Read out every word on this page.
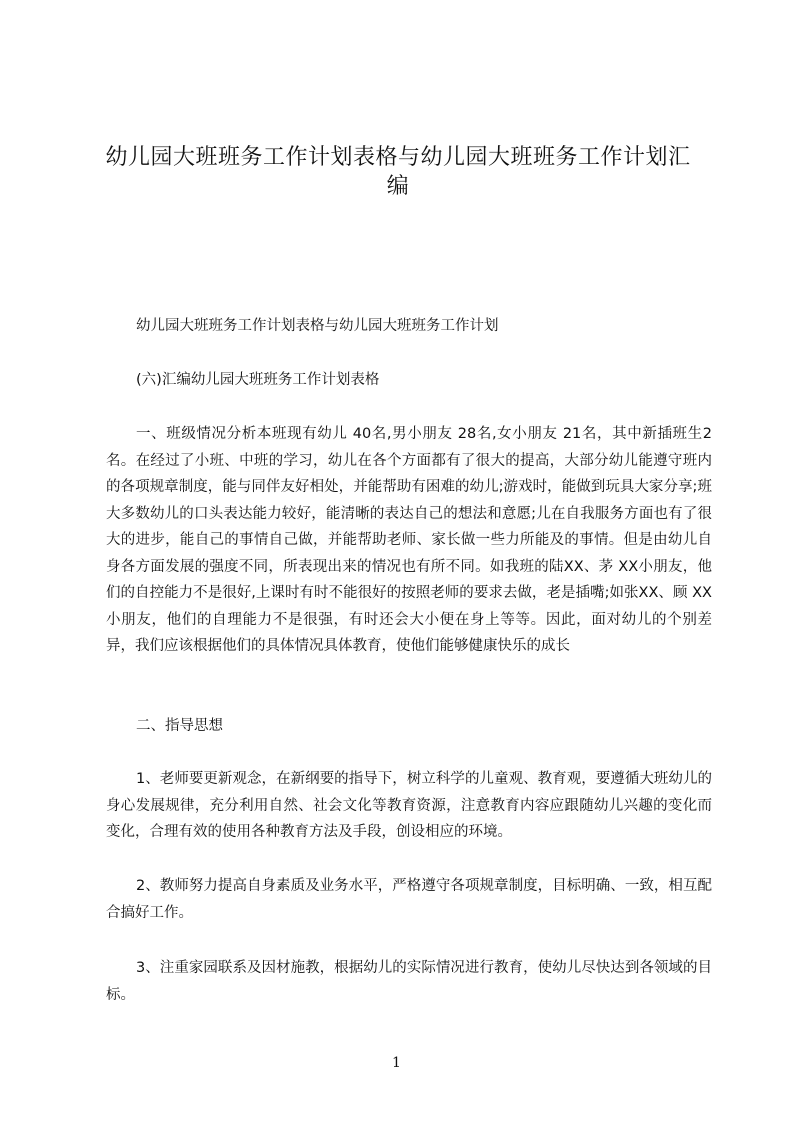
幼儿园大班班务工作计划表格与幼儿园大班班务工作计划汇编
幼儿园大班班务工作计划表格与幼儿园大班班务工作计划
(六)汇编幼儿园大班班务工作计划表格
一、班级情况分析本班现有幼儿 40名,男小朋友 28名,女小朋友 21名，其中新插班生2名。在经过了小班、中班的学习，幼儿在各个方面都有了很大的提高，大部分幼儿能遵守班内的各项规章制度，能与同伴友好相处，并能帮助有困难的幼儿;游戏时，能做到玩具大家分享;班大多数幼儿的口头表达能力较好，能清晰的表达自己的想法和意愿;儿在自我服务方面也有了很大的进步，能自己的事情自己做，并能帮助老师、家长做一些力所能及的事情。但是由幼儿自身各方面发展的强度不同，所表现出来的情况也有所不同。如我班的陆XX、茅 XX小朋友，他们的自控能力不是很好,上课时有时不能很好的按照老师的要求去做，老是插嘴;如张XX、顾 XX小朋友，他们的自理能力不是很强，有时还会大小便在身上等等。因此，面对幼儿的个别差异，我们应该根据他们的具体情况具体教育，使他们能够健康快乐的成长
二、指导思想
1、老师要更新观念，在新纲要的指导下，树立科学的儿童观、教育观，要遵循大班幼儿的身心发展规律，充分利用自然、社会文化等教育资源，注意教育内容应跟随幼儿兴趣的变化而变化，合理有效的使用各种教育方法及手段，创设相应的环境。
2、教师努力提高自身素质及业务水平，严格遵守各项规章制度，目标明确、一致，相互配合搞好工作。
3、注重家园联系及因材施教，根据幼儿的实际情况进行教育，使幼儿尽快达到各领域的目标。
1
